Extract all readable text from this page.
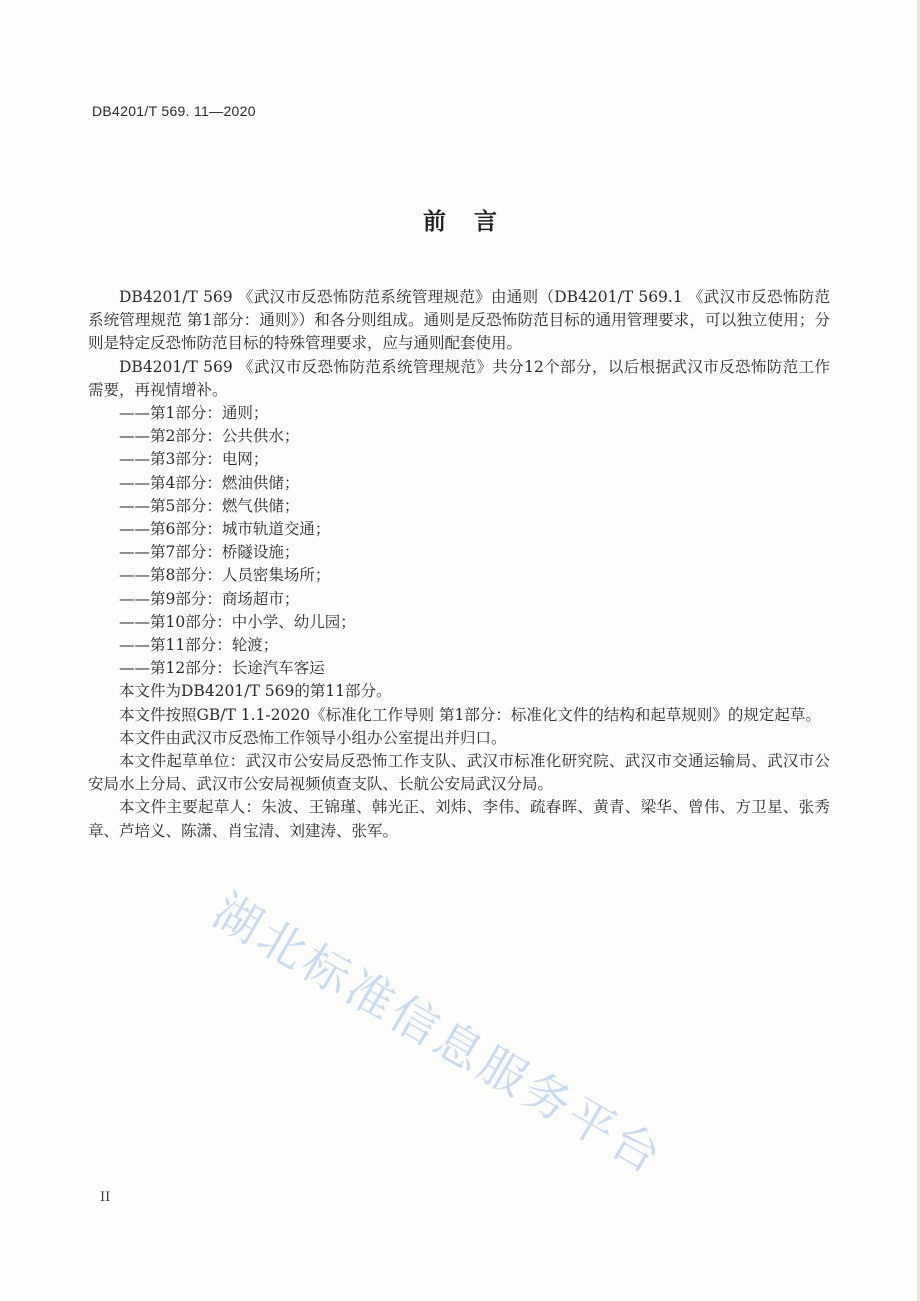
DB4201/T 569. 11—2020
前言

DB4201/T 569 《武汉市反恐怖防范系统管理规范》由通则（DB4201/T 569.1 《武汉市反恐怖防范系统管理规范 第1部分：通则》）和各分则组成。通则是反恐怖防范目标的通用管理要求，可以独立使用；分则是特定反恐怖防范目标的特殊管理要求，应与通则配套使用。

DB4201/T 569 《武汉市反恐怖防范系统管理规范》共分12个部分，以后根据武汉市反恐怖防范工作需要，再视情增补。

——第1部分：通则；

——第2部分：公共供水；

——第3部分：电网；

——第4部分：燃油供储；

——第5部分：燃气供储；

——第6部分：城市轨道交通；

——第7部分：桥隧设施；

——第8部分：人员密集场所；

——第9部分：商场超市；

——第10部分：中小学、幼儿园；

——第11部分：轮渡；

——第12部分：长途汽车客运

本文件为DB4201/T 569的第11部分。

本文件按照GB/T 1.1-2020《标准化工作导则 第1部分：标准化文件的结构和起草规则》的规定起草。

本文件由武汉市反恐怖工作领导小组办公室提出并归口。

本文件起草单位：武汉市公安局反恐怖工作支队、武汉市标准化研究院、武汉市交通运输局、武汉市公安局水上分局、武汉市公安局视频侦查支队、长航公安局武汉分局。

本文件主要起草人：朱波、王锦瑾、韩光正、刘炜、李伟、疏春晖、黄青、梁华、曾伟、方卫星、张秀章、芦培义、陈潇、肖宝清、刘建涛、张军。

湖北标准信息服务平台
II
